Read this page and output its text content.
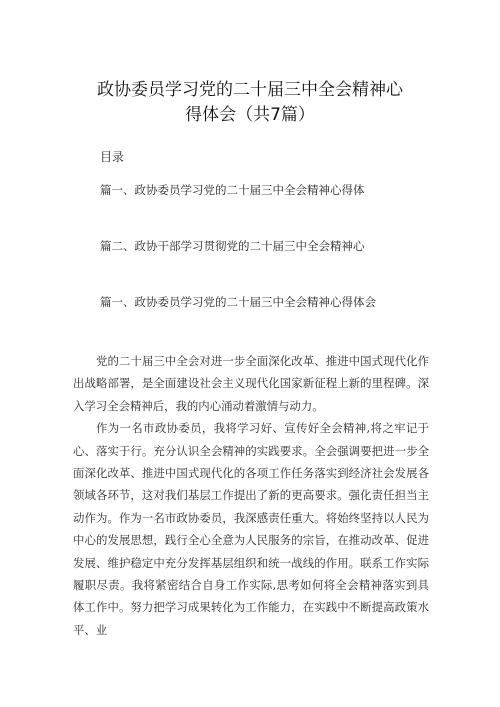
政协委员学习党的二十届三中全会精神心
得体会（共7篇）
目录
篇一、政协委员学习党的二十届三中全会精神心得体
篇二、政协干部学习贯彻党的二十届三中全会精神心
篇一、政协委员学习党的二十届三中全会精神心得体会

党的二十届三中全会对进一步全面深化改革、推进中国式现代化作出战略部署，是全面建设社会主义现代化国家新征程上新的里程碑。深入学习全会精神后，我的内心涌动着激情与动力。

作为一名市政协委员，我将学习好、宣传好全会精神,将之牢记于心、落实于行。充分认识全会精神的实践要求。全会强调要把进一步全面深化改革、推进中国式现代化的各项工作任务落实到经济社会发展各领域各环节，这对我们基层工作提出了新的更高要求。强化责任担当主动作为。作为一名市政协委员，我深感责任重大。将始终坚持以人民为中心的发展思想，践行全心全意为人民服务的宗旨，在推动改革、促进发展、维护稳定中充分发挥基层组织和统一战线的作用。联系工作实际履职尽责。我将紧密结合自身工作实际,思考如何将全会精神落实到具体工作中。努力把学习成果转化为工作能力，在实践中不断提高政策水平、业
